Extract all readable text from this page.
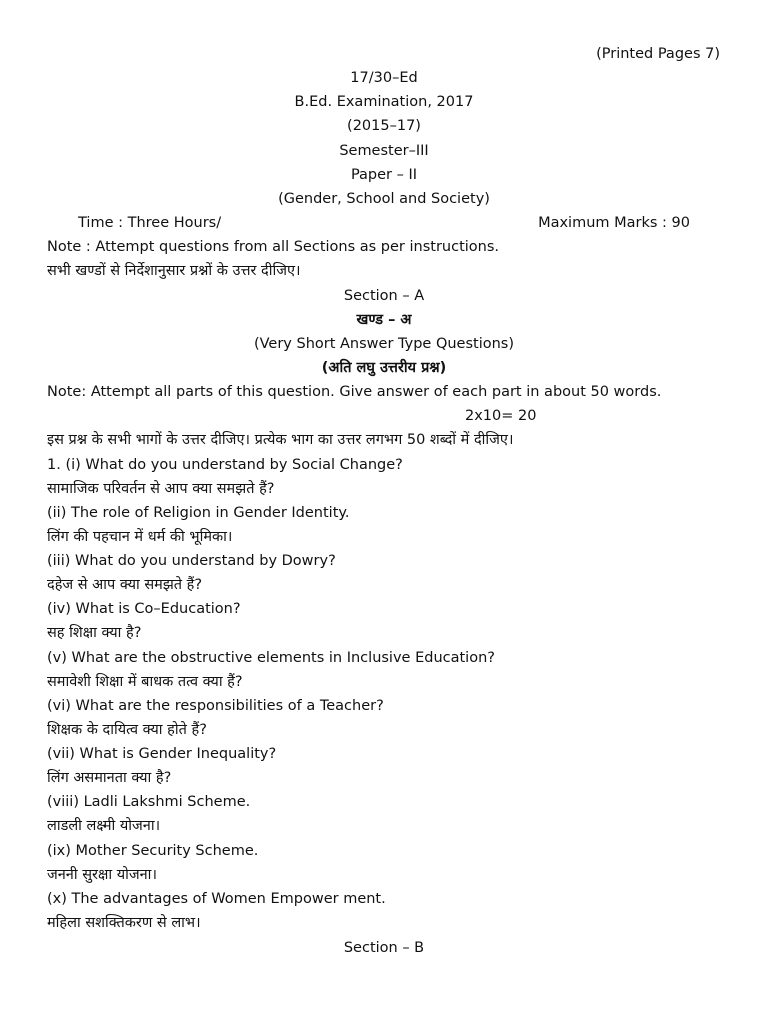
(Printed Pages 7)
17/30–Ed
B.Ed. Examination, 2017
(2015–17)
Semester–III
Paper – II
(Gender, School and Society)
Time : Three Hours/	Maximum Marks : 90
Note : Attempt questions from all Sections as per instructions.
सभी खण्डों से निर्देशानुसार प्रश्नों के उत्तर दीजिए।
Section – A
खण्ड – अ
(Very Short Answer Type Questions)
(अति लघु उत्तरीय प्रश्न)
Note: Attempt all parts of this question. Give answer of each part in about 50 words.
2x10= 20
इस प्रश्न के सभी भागों के उत्तर दीजिए। प्रत्येक भाग का उत्तर लगभग 50 शब्दों में दीजिए।
1. (i) What do you understand by Social Change?
सामाजिक परिवर्तन से आप क्या समझते हैं?
(ii) The role of Religion in Gender Identity.
लिंग की पहचान में धर्म की भूमिका।
(iii) What do you understand by Dowry?
दहेज से आप क्या समझते हैं?
(iv) What is Co–Education?
सह शिक्षा क्या है?
(v) What are the obstructive elements in Inclusive Education?
समावेशी शिक्षा में बाधक तत्व क्या हैं?
(vi) What are the responsibilities of a Teacher?
शिक्षक के दायित्व क्या होते हैं?
(vii) What is Gender Inequality?
लिंग असमानता क्या है?
(viii) Ladli Lakshmi Scheme.
लाडली लक्ष्मी योजना।
(ix) Mother Security Scheme.
जननी सुरक्षा योजना।
(x) The advantages of Women Empower ment.
महिला सशक्तिकरण से लाभ।
Section – B
